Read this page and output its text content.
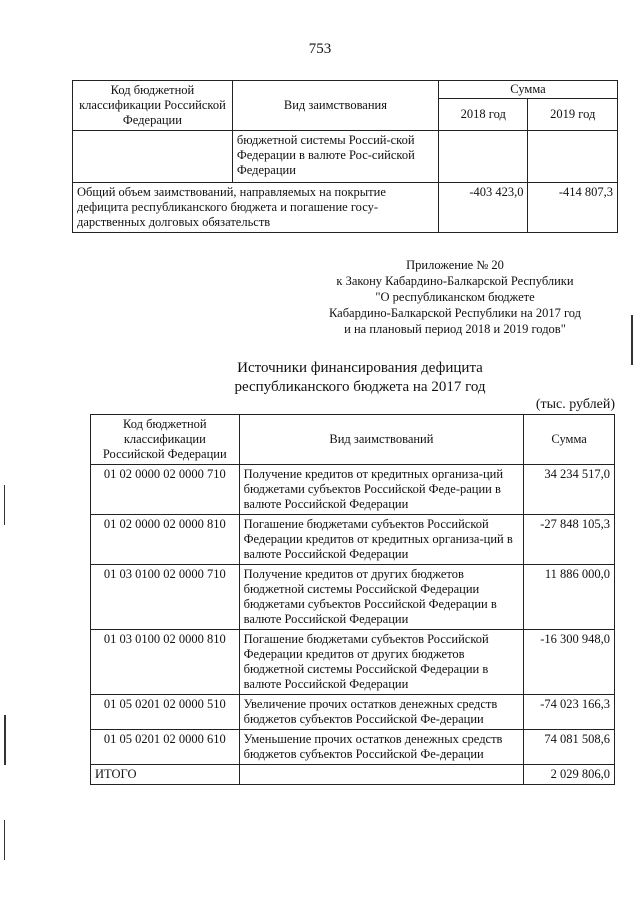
753
Код бюджетной классификации Российской Федерации	Вид заимствования	Сумма	
		2018 год	2019 год
	бюджетной системы Россий-ской Федерации в валюте Рос-сийской Федерации		
Общий объем заимствований, направляемых на покрытие дефицита республиканского бюджета и погашение госу-дарственных долговых обязательств		-403 423,0	-414 807,3
Приложение № 20
к Закону Кабардино-Балкарской Республики
"О республиканском бюджете
Кабардино-Балкарской Республики на 2017 год
и на плановый период 2018 и 2019 годов"
Источники финансирования дефицита
республиканского бюджета на 2017 год
(тыс. рублей)
Код бюджетной классификации Российской Федерации	Вид заимствований	Сумма
01 02 0000 02 0000 710	Получение кредитов от кредитных организа-ций бюджетами субъектов Российской Феде-рации в валюте Российской Федерации	34 234 517,0
01 02 0000 02 0000 810	Погашение бюджетами субъектов Российской Федерации кредитов от кредитных организа-ций в валюте Российской Федерации	-27 848 105,3
01 03 0100 02 0000 710	Получение кредитов от других бюджетов бюджетной системы Российской Федерации бюджетами субъектов Российской Федерации в валюте Российской Федерации	11 886 000,0
01 03 0100 02 0000 810	Погашение бюджетами субъектов Российской Федерации кредитов от других бюджетов бюджетной системы Российской Федерации в валюте Российской Федерации	-16 300 948,0
01 05 0201 02 0000 510	Увеличение прочих остатков денежных средств бюджетов субъектов Российской Фе-дерации	-74 023 166,3
01 05 0201 02 0000 610	Уменьшение прочих остатков денежных средств бюджетов субъектов Российской Фе-дерации	74 081 508,6
ИТОГО		2 029 806,0
